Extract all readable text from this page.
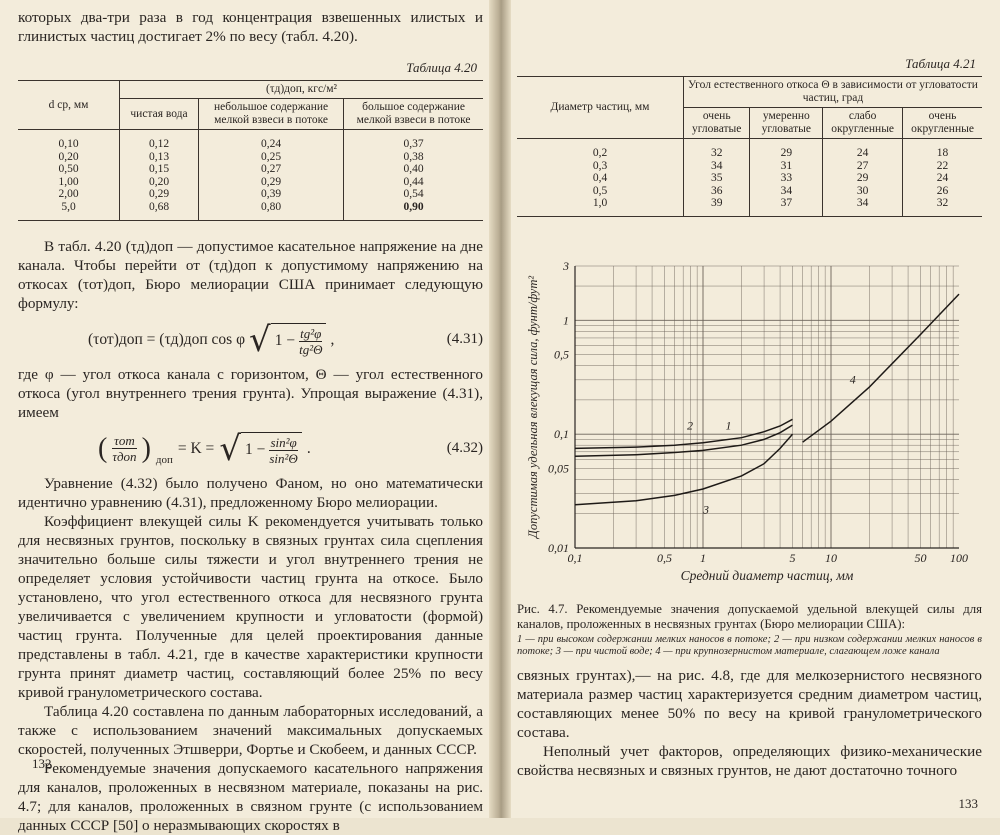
которых два-три раза в год концентрация взвешенных илистых и глинистых частиц достигает 2% по весу (табл. 4.20).

Таблица 4.20
d ср, мм	(τд)доп, кгс/м²		
	чистая вода	небольшое содержание мелкой взвеси в потоке	большое содержание мелкой взвеси в потоке
0,10	0,12	0,24	0,37
0,20	0,13	0,25	0,38
0,50	0,15	0,27	0,40
1,00	0,20	0,29	0,44
2,00	0,29	0,39	0,54
5,0	0,68	0,80	0,90

В табл. 4.20 (τд)доп — допустимое касательное напряжение на дне канала. Чтобы перейти от (τд)доп к допустимому напряжению на откосах (τот)доп, Бюро мелиорации США принимает следующую формулу:

(τот)доп = (τд)доп cos φ √ $1 - \frac{\text{tg²φ}}{\text{tg²Θ}}$ ,	(4.31)

где φ — угол откоса канала с горизонтом, Θ — угол естественного откоса (угол внутреннего трения грунта). Упрощая выражение (4.31), имеем

( $\frac{\text{τот}}{\text{τдоп}}$ ) доп
= K = √ $1 - \frac{\text{sin²φ}}{\text{sin²Θ}}$ .	(4.32)

Уравнение (4.32) было получено Фаном, но оно математически идентично уравнению (4.31), предложенному Бюро мелиорации.

Коэффициент влекущей силы K рекомендуется учитывать только для несвязных грунтов, поскольку в связных грунтах сила сцепления значительно больше силы тяжести и угол внутреннего трения не определяет условия устойчивости частиц грунта на откосе. Было установлено, что угол естественного откоса для несвязного грунта увеличивается с увеличением крупности и угловатости (формой) частиц грунта. Полученные для целей проектирования данные представлены в табл. 4.21, где в качестве характеристики крупности грунта принят диаметр частиц, составляющий более 25% по весу кривой гранулометрического состава.

Таблица 4.20 составлена по данным лабораторных исследований, а также с использованием значений максимальных допускаемых скоростей, полученных Этшверри, Фортье и Скобеем, и данных СССР.

Рекомендуемые значения допускаемого касательного напряжения для каналов, проложенных в несвязном материале, показаны на рис. 4.7; для каналов, проложенных в связном грунте (с использованием данных СССР [50] о неразмывающих скоростях в

132
Таблица 4.21
Диаметр частиц, мм	Угол естественного откоса Θ в зависимости от угловатости частиц, град			
	очень угловатые	умеренно угловатые	слабо округленные	очень округленные
0,2	32	29	24	18
0,3	34	31	27	22
0,4	35	33	29	24
0,5	36	34	30	26
1,0	39	37	34	32
0,1	0,5 1	5 10	50 100
0,01
0,05
0,1
0,5
1
3
Средний диаметр частиц, мм
Допустимая удельная влекущая сила, фунт/фут²	1
2
3
4

Рис. 4.7. Рекомендуемые значения допускаемой удельной влекущей силы для каналов, проложенных в несвязных грунтах (Бюро мелиорации США):

1 — при высоком содержании мелких наносов в потоке; 2 — при низком содержании мелких наносов в потоке; 3 — при чистой воде; 4 — при крупнозернистом материале, слагающем ложе канала

связных грунтах),— на рис. 4.8, где для мелкозернистого несвязного материала размер частиц характеризуется средним диаметром частиц, составляющих менее 50% по весу на кривой гранулометрического состава.

Неполный учет факторов, определяющих физико-механические свойства несвязных и связных грунтов, не дают достаточно точного

133
